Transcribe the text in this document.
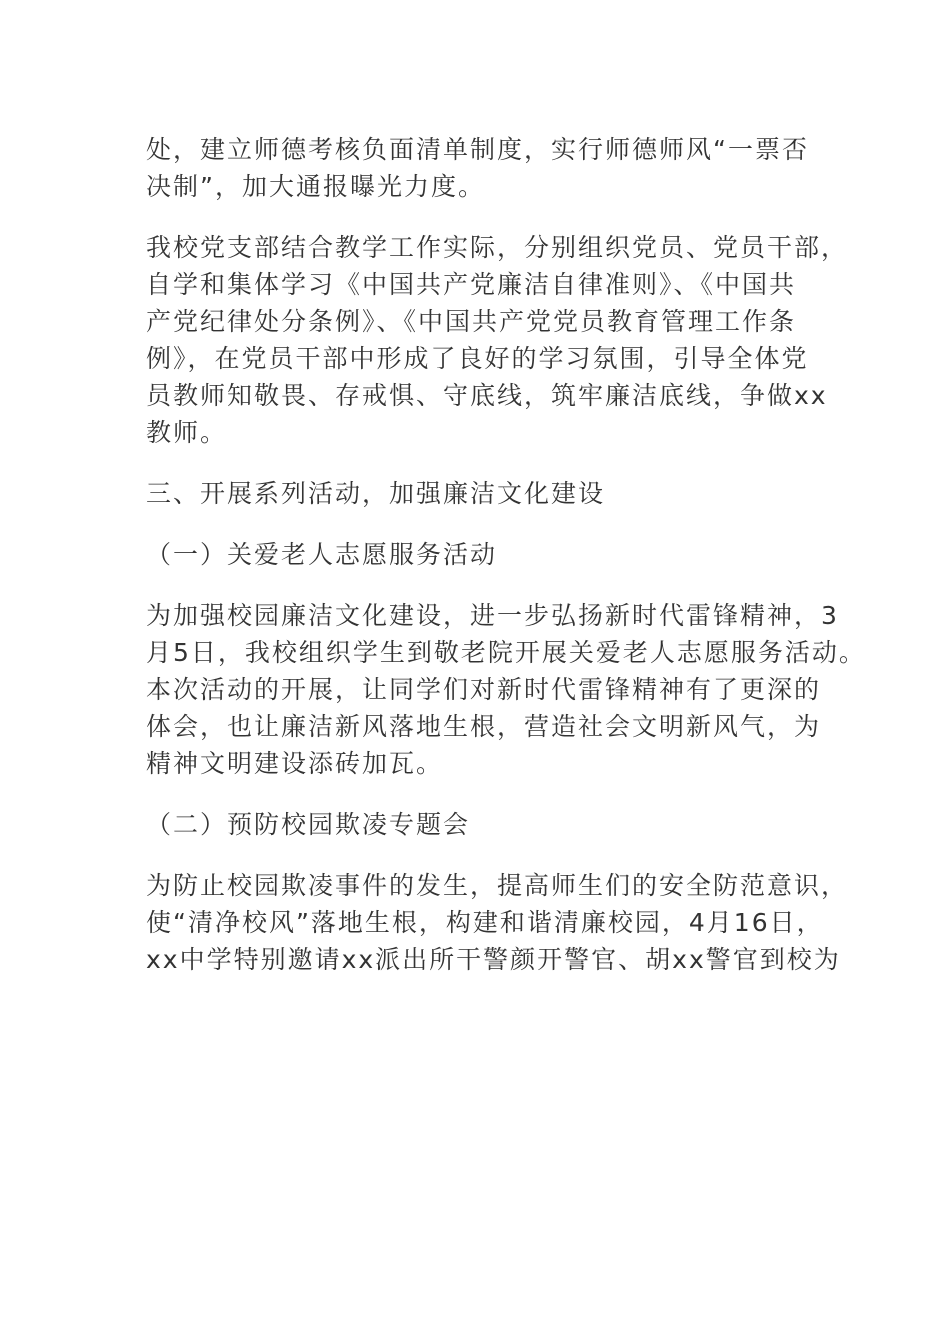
处，建立师德考核负面清单制度，实行师德师风“一票否
决制”，加大通报曝光力度。

我校党支部结合教学工作实际，分别组织党员、党员干部，
自学和集体学习《中国共产党廉洁自律准则》、《中国共
产党纪律处分条例》、《中国共产党党员教育管理工作条
例》，在党员干部中形成了良好的学习氛围，引导全体党
员教师知敬畏、存戒惧、守底线，筑牢廉洁底线，争做xx
教师。

三、开展系列活动，加强廉洁文化建设

（一）关爱老人志愿服务活动

为加强校园廉洁文化建设，进一步弘扬新时代雷锋精神，3
月5日，我校组织学生到敬老院开展关爱老人志愿服务活动。
本次活动的开展，让同学们对新时代雷锋精神有了更深的
体会，也让廉洁新风落地生根，营造社会文明新风气，为
精神文明建设添砖加瓦。

（二）预防校园欺凌专题会

为防止校园欺凌事件的发生，提高师生们的安全防范意识，
使“清净校风”落地生根，构建和谐清廉校园，4月16日，
xx中学特别邀请xx派出所干警颜开警官、胡xx警官到校为
